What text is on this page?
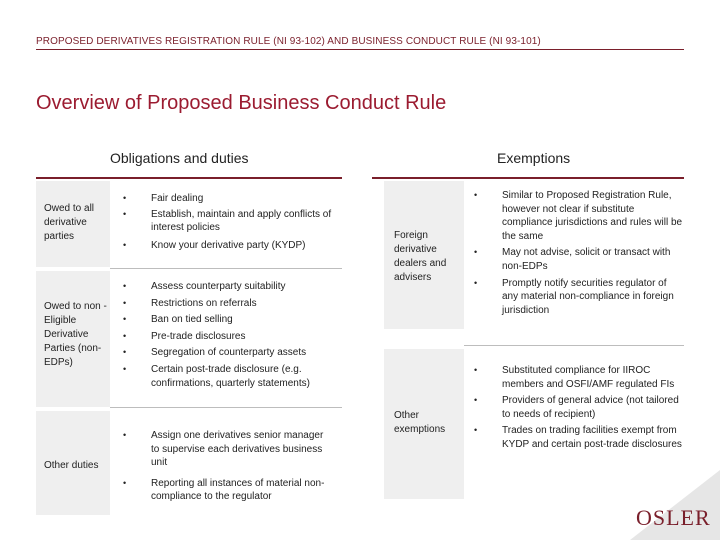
PROPOSED DERIVATIVES REGISTRATION RULE (NI 93-102) AND BUSINESS CONDUCT RULE (NI 93-101)
Overview of Proposed Business Conduct Rule
Obligations and duties
Owed to all derivative parties
• Fair dealing
• Establish, maintain and apply conflicts of interest policies
• Know your derivative party (KYDP)
Owed to non -Eligible Derivative Parties (non-EDPs)
• Assess counterparty suitability
• Restrictions on referrals
• Ban on tied selling
• Pre-trade disclosures
• Segregation of counterparty assets
• Certain post-trade disclosure (e.g. confirmations, quarterly statements)
Other duties
• Assign one derivatives senior manager to supervise each derivatives business unit
• Reporting all instances of material non-compliance to the regulator
Exemptions
Foreign derivative dealers and advisers
• Similar to Proposed Registration Rule, however not clear if substitute compliance jurisdictions and rules will be the same
• May not advise, solicit or transact with non-EDPs
• Promptly notify securities regulator of any material non-compliance in foreign jurisdiction
Other exemptions
• Substituted compliance for IIROC members and OSFI/AMF regulated FIs
• Providers of general advice (not tailored to needs of recipient)
• Trades on trading facilities exempt from KYDP and certain post-trade disclosures
OSLER
